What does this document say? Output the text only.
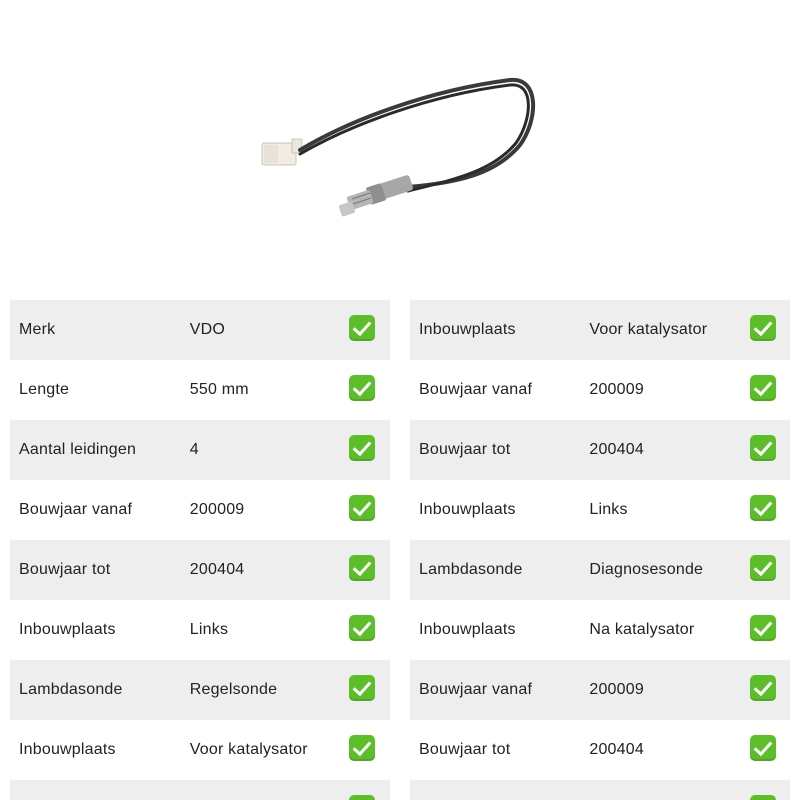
Merk	VDO	
Lengte	550 mm	
Aantal leidingen	4	
Bouwjaar vanaf	200009	
Bouwjaar tot	200404	
Inbouwplaats	Links	
Lambdasonde	Regelsonde	
Inbouwplaats	Voor katalysator	

Inbouwplaats	Voor katalysator	
Bouwjaar vanaf	200009	
Bouwjaar tot	200404	
Inbouwplaats	Links	
Lambdasonde	Diagnosesonde	
Inbouwplaats	Na katalysator	
Bouwjaar vanaf	200009	
Bouwjaar tot	200404	
